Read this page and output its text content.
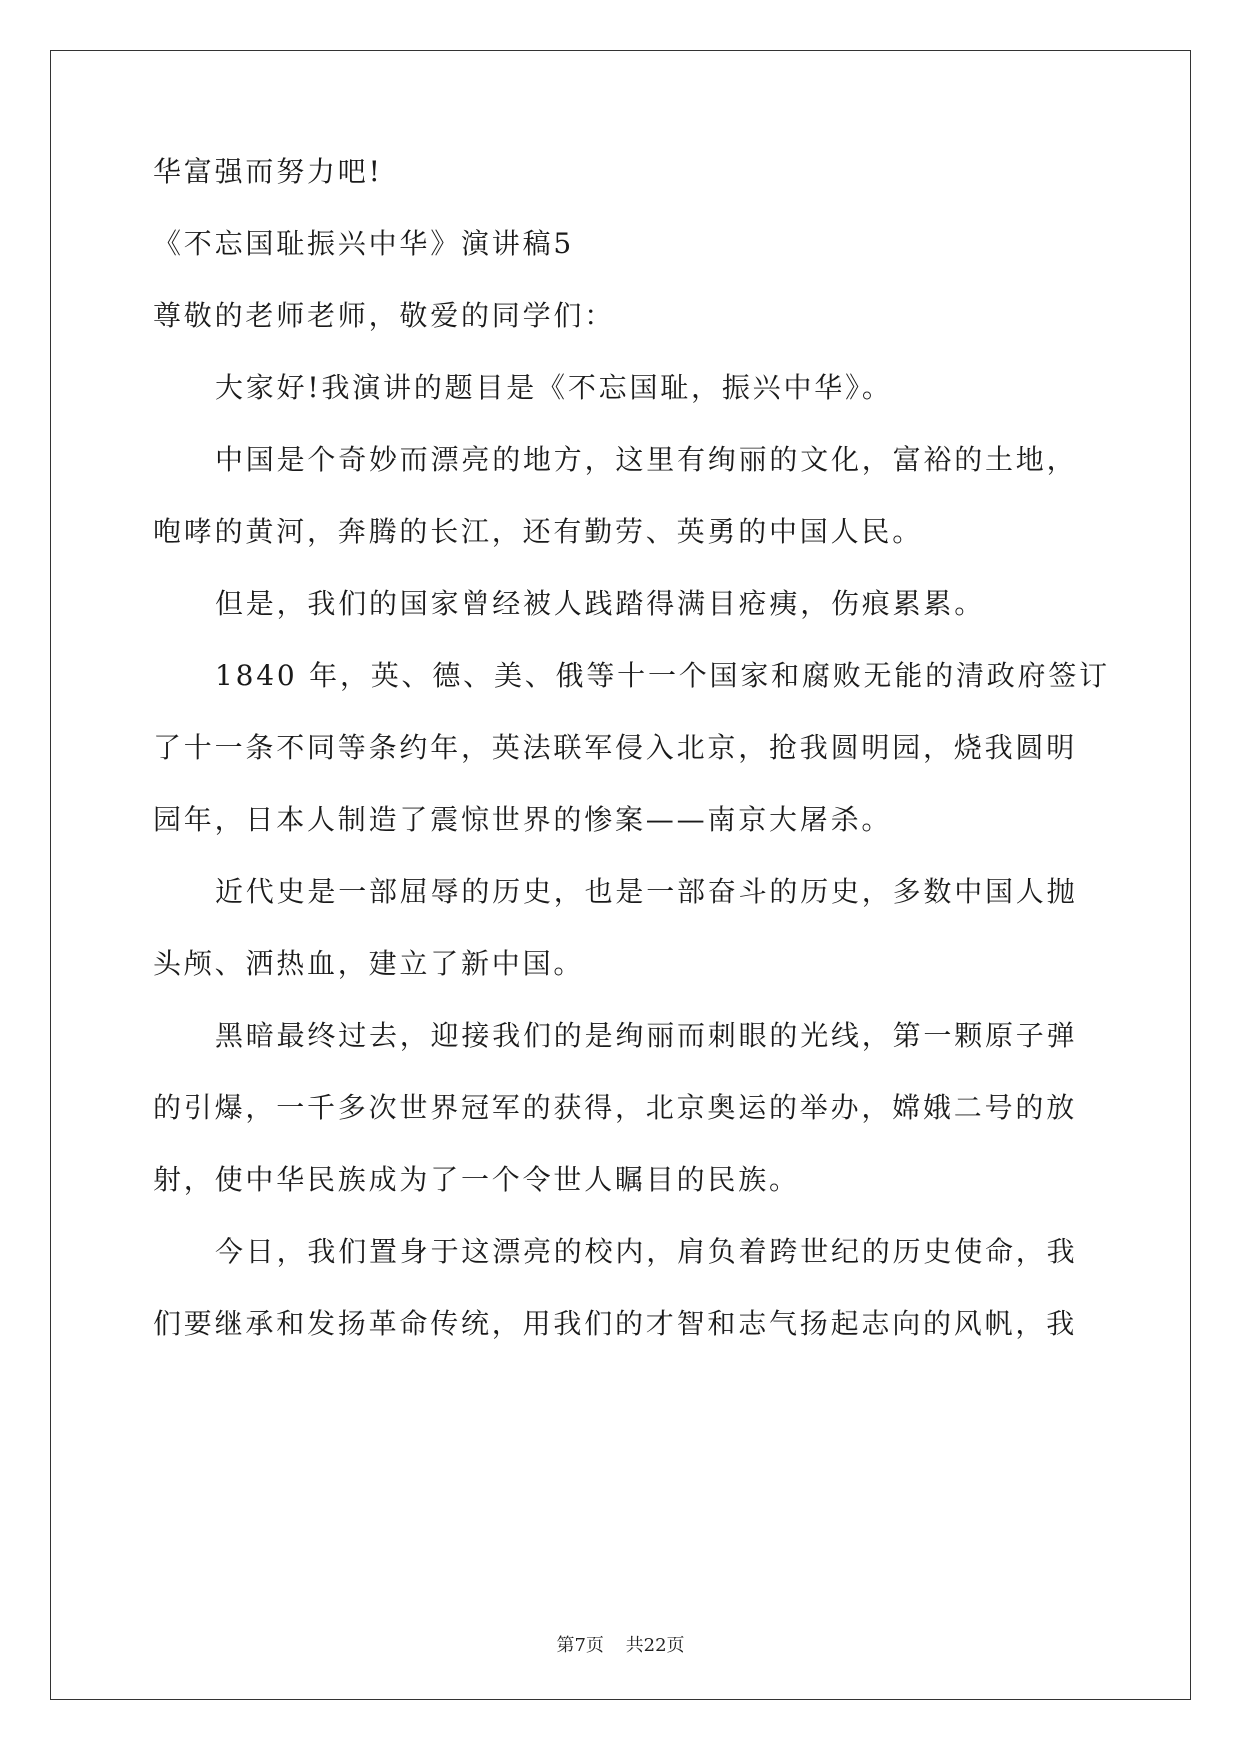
华富强而努力吧!

《不忘国耻振兴中华》演讲稿5

尊敬的老师老师，敬爱的同学们：

大家好!我演讲的题目是《不忘国耻，振兴中华》。

中国是个奇妙而漂亮的地方，这里有绚丽的文化，富裕的土地，

咆哮的黄河，奔腾的长江，还有勤劳、英勇的中国人民。

但是，我们的国家曾经被人践踏得满目疮痍，伤痕累累。

1840 年，英、德、美、俄等十一个国家和腐败无能的清政府签订

了十一条不同等条约年，英法联军侵入北京，抢我圆明园，烧我圆明

园年，日本人制造了震惊世界的惨案——南京大屠杀。

近代史是一部屈辱的历史，也是一部奋斗的历史，多数中国人抛

头颅、洒热血，建立了新中国。

黑暗最终过去，迎接我们的是绚丽而刺眼的光线，第一颗原子弹

的引爆，一千多次世界冠军的获得，北京奥运的举办，嫦娥二号的放

射，使中华民族成为了一个令世人瞩目的民族。

今日，我们置身于这漂亮的校内，肩负着跨世纪的历史使命，我

们要继承和发扬革命传统，用我们的才智和志气扬起志向的风帆，我

第7页 共22页
